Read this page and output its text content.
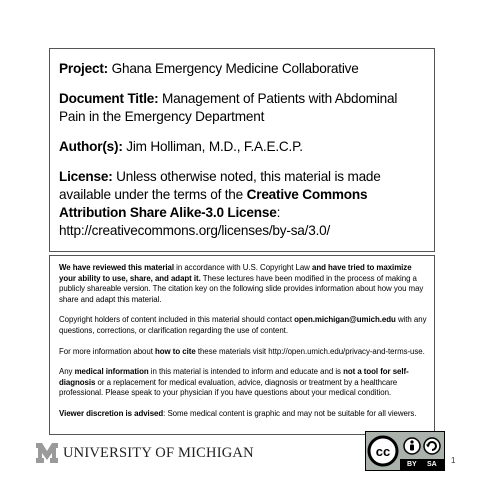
Project: Ghana Emergency Medicine Collaborative

Document Title: Management of Patients with Abdominal Pain in the Emergency Department

Author(s): Jim Holliman, M.D., F.A.E.C.P.

License: Unless otherwise noted, this material is made available under the terms of the Creative Commons Attribution Share Alike-3.0 License:
http://creativecommons.org/licenses/by-sa/3.0/

We have reviewed this material in accordance with U.S. Copyright Law and have tried to maximize your ability to use, share, and adapt it. These lectures have been modified in the process of making a publicly shareable version. The citation key on the following slide provides information about how you may share and adapt this material.

Copyright holders of content included in this material should contact open.michigan@umich.edu with any questions, corrections, or clarification regarding the use of content.

For more information about how to cite these materials visit http://open.umich.edu/privacy-and-terms-use.

Any medical information in this material is intended to inform and educate and is not a tool for self-diagnosis or a replacement for medical evaluation, advice, diagnosis or treatment by a healthcare professional. Please speak to your physician if you have questions about your medical condition.

Viewer discretion is advised: Some medical content is graphic and may not be suitable for all viewers.

UNIVERSITY OF MICHIGAN	cc
BY SA 1
